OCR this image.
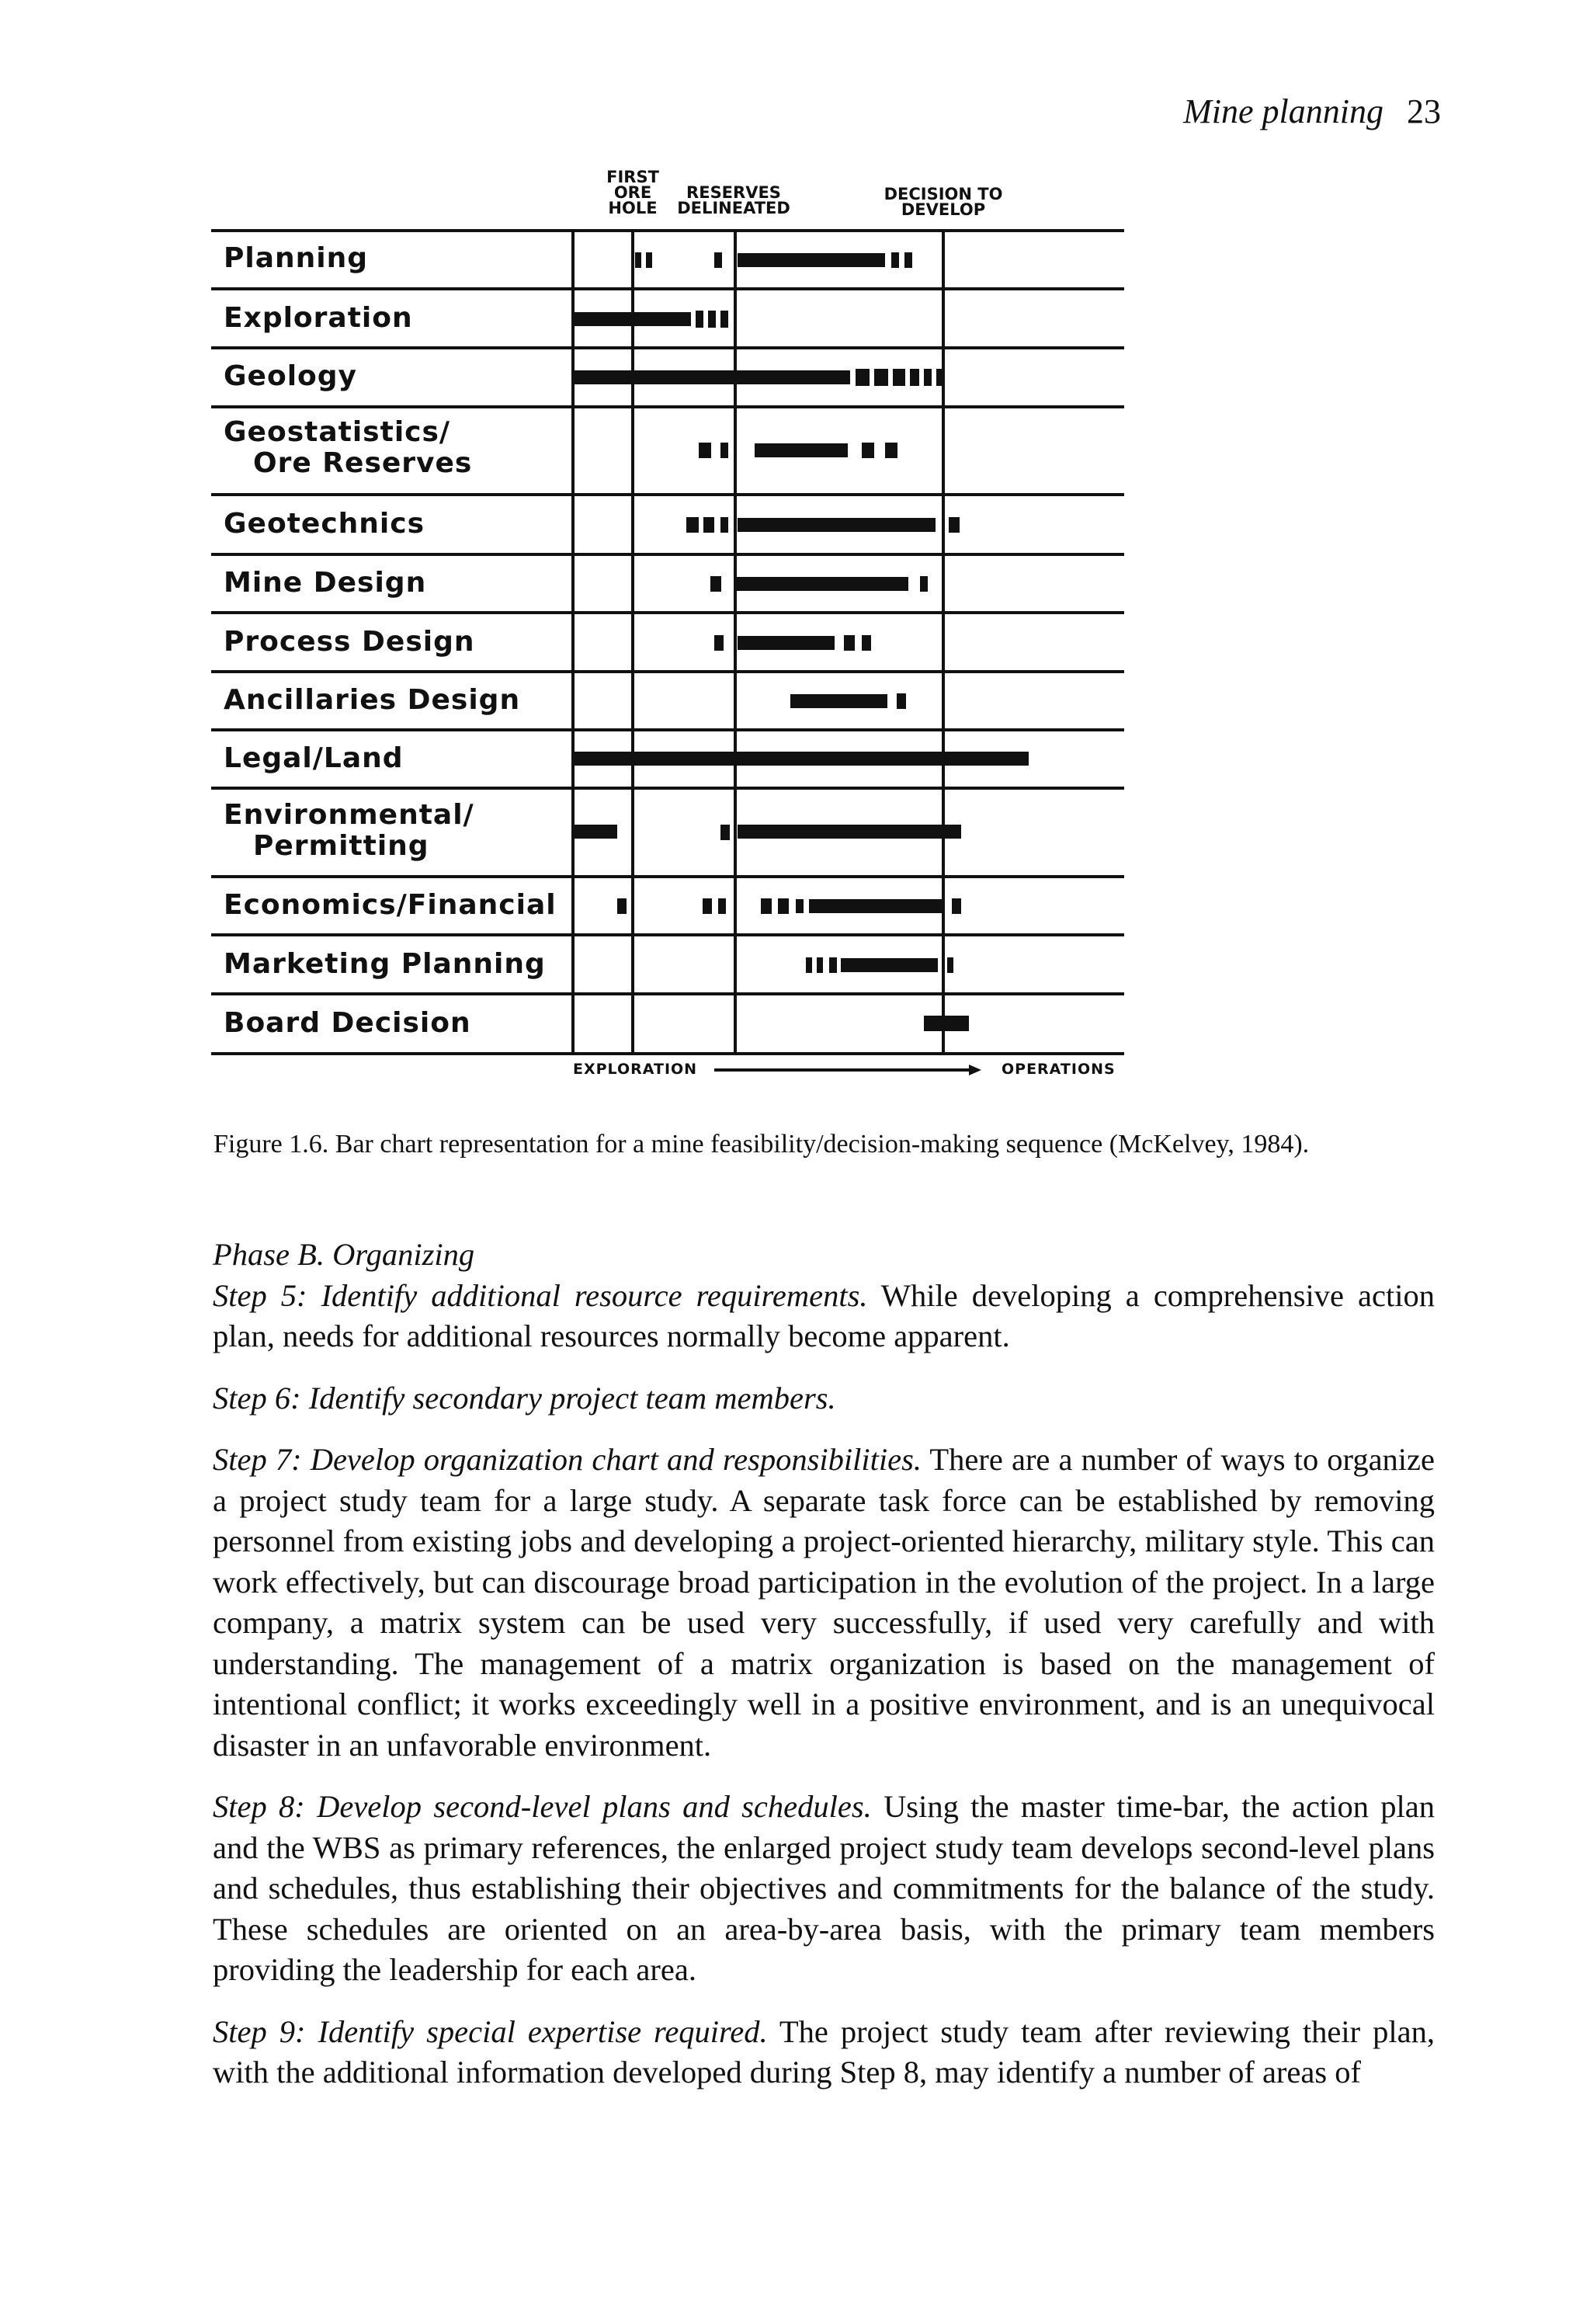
Mine planning 23
FIRST
ORE
HOLE
RESERVES
DELINEATED
DECISION TO
DEVELOP
Planning
Exploration
Geology
Geostatistics/
Ore Reserves
Geotechnics
Mine Design
Process Design
Ancillaries Design
Legal/Land
Environmental/
Permitting
Economics/Financial
Marketing Planning
Board Decision
EXPLORATION	OPERATIONS
Figure 1.6. Bar chart representation for a mine feasibility/decision-making sequence (McKelvey, 1984).

Phase B. Organizing

Step 5: Identify additional resource requirements. While developing a comprehensive action plan, needs for additional resources normally become apparent.

Step 6: Identify secondary project team members.

Step 7: Develop organization chart and responsibilities. There are a number of ways to organize a project study team for a large study. A separate task force can be established by removing personnel from existing jobs and developing a project-oriented hierarchy, military style. This can work effectively, but can discourage broad participation in the evolution of the project. In a large company, a matrix system can be used very successfully, if used very carefully and with understanding. The management of a matrix organization is based on the management of intentional conflict; it works exceedingly well in a positive environment, and is an unequivocal disaster in an unfavorable environment.

Step 8: Develop second-level plans and schedules. Using the master time-bar, the action plan and the WBS as primary references, the enlarged project study team develops second-level plans and schedules, thus establishing their objectives and commitments for the balance of the study. These schedules are oriented on an area-by-area basis, with the primary team members providing the leadership for each area.

Step 9: Identify special expertise required. The project study team after reviewing their plan, with the additional information developed during Step 8, may identify a number of areas of
